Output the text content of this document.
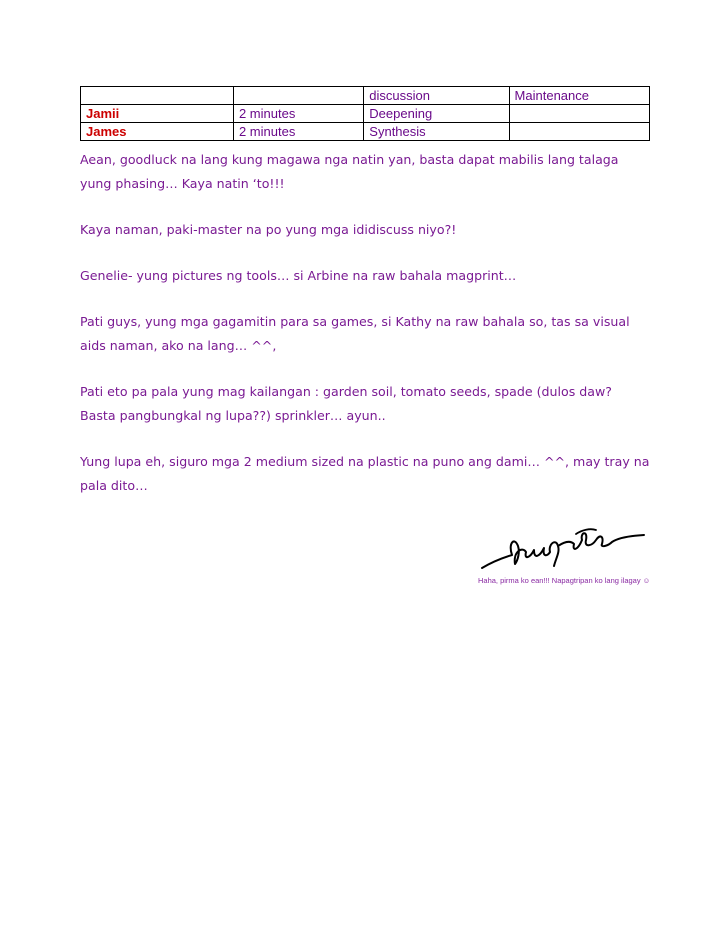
		discussion	Maintenance
Jamii	2 minutes	Deepening	
James	2 minutes	Synthesis	

Aean, goodluck na lang kung magawa nga natin yan, basta dapat mabilis lang talaga yung phasing… Kaya natin ‘to!!!

Kaya naman, paki-master na po yung mga ididiscuss niyo?!

Genelie- yung pictures ng tools… si Arbine na raw bahala magprint…

Pati guys, yung mga gagamitin para sa games, si Kathy na raw bahala so, tas sa visual aids naman, ako na lang… ^^,

Pati eto pa pala yung mag kailangan : garden soil, tomato seeds, spade (dulos daw? Basta pangbungkal ng lupa??) sprinkler… ayun..

Yung lupa eh, siguro mga 2 medium sized na plastic na puno ang dami… ^^, may tray na pala dito…

Haha, pirma ko ean!!! Napagtripan ko lang ilagay ☺
